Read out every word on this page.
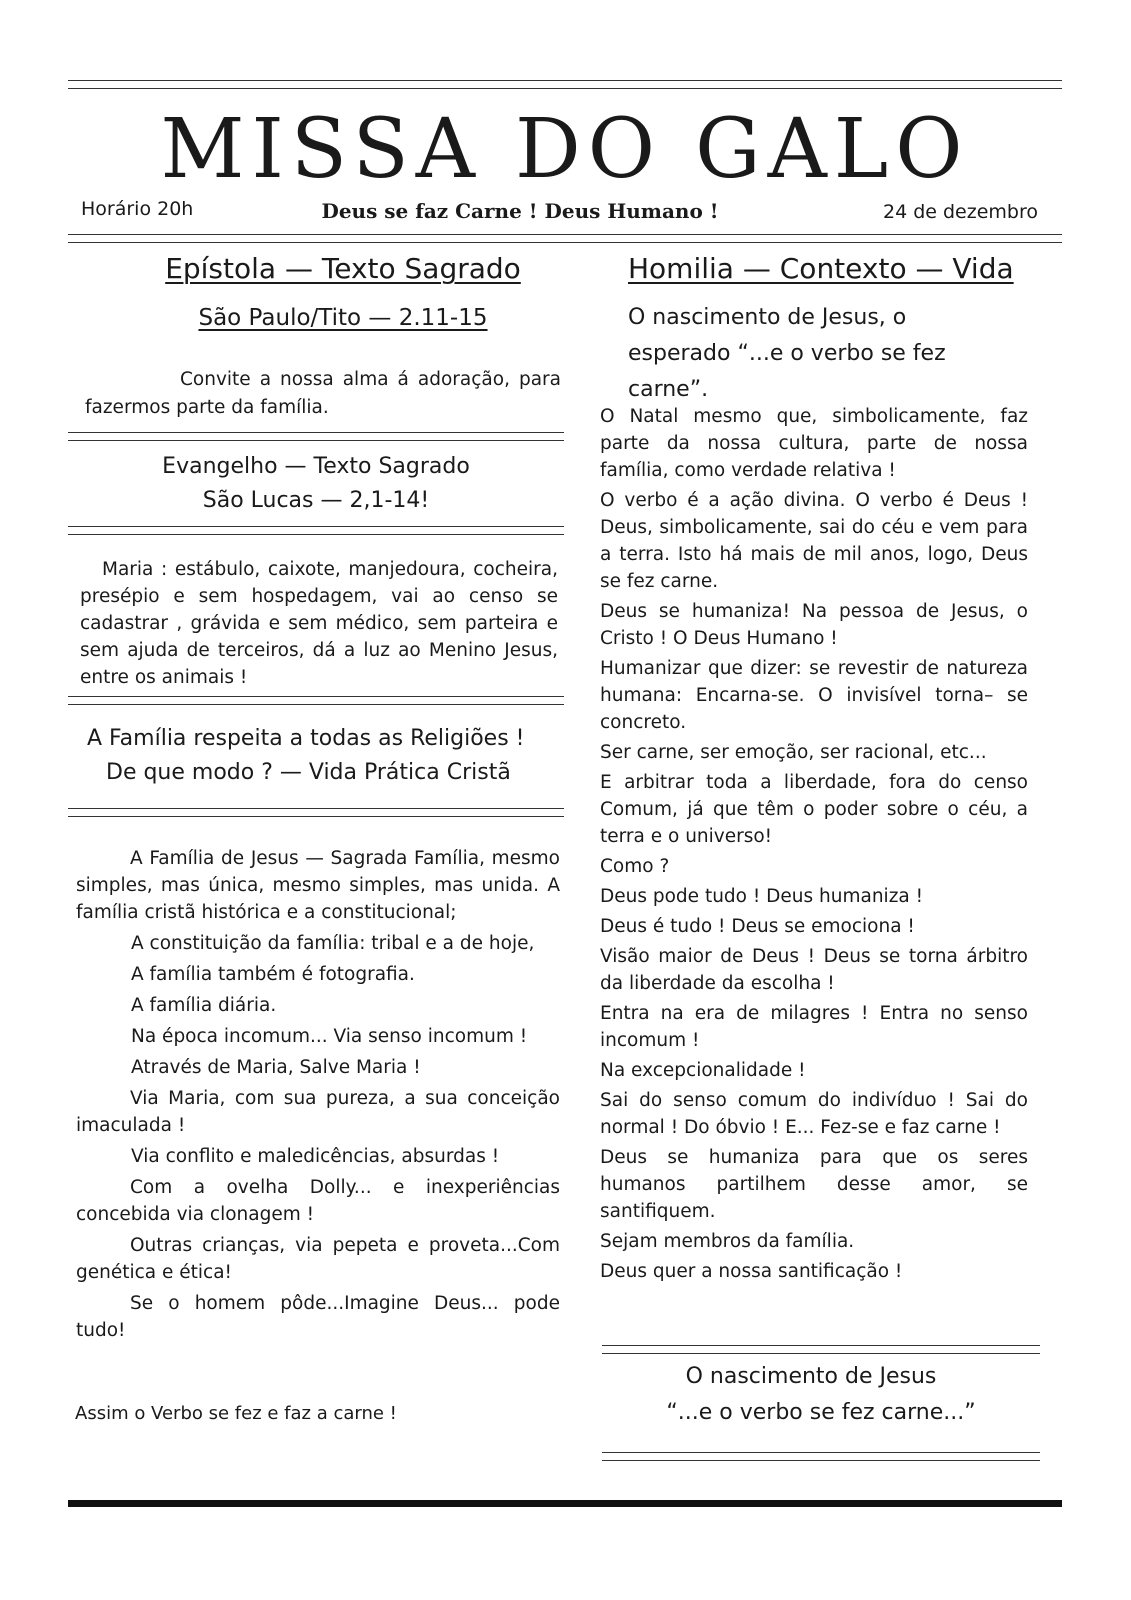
MISSA DO GALO
Horário 20h	Deus se faz Carne ! Deus Humano !	24 de dezembro
Epístola — Texto Sagrado
São Paulo/Tito — 2.11-15
Convite a nossa alma á adoração, para fazermos parte da família.
Evangelho — Texto Sagrado
São Lucas — 2,1-14!
Maria : estábulo, caixote, manjedoura, cocheira, presépio e sem hospedagem, vai ao censo se cadastrar , grávida e sem médico, sem parteira e sem ajuda de terceiros, dá a luz ao Menino Jesus, entre os animais !
A Família respeita a todas as Religiões !
De que modo ? — Vida Prática Cristã

A Família de Jesus — Sagrada Família, mesmo simples, mas única, mesmo simples, mas unida. A família cristã histórica e a constitucional;

A constituição da família: tribal e a de hoje,

A família também é fotografia.

A família diária.

Na época incomum... Via senso incomum !

Através de Maria, Salve Maria !

Via Maria, com sua pureza, a sua conceição imaculada !

Via conflito e maledicências, absurdas !

Com a ovelha Dolly... e inexperiências concebida via clonagem !

Outras crianças, via pepeta e proveta...Com genética e ética!

Se o homem pôde...Imagine Deus... pode tudo!

Assim o Verbo se fez e faz a carne !
Homilia — Contexto — Vida
O nascimento de Jesus, o esperado “...e o verbo se fez carne”.

O Natal mesmo que, simbolicamente, faz parte da nossa cultura, parte de nossa família, como verdade relativa !

O verbo é a ação divina. O verbo é Deus ! Deus, simbolicamente, sai do céu e vem para a terra. Isto há mais de mil anos, logo, Deus se fez carne.

Deus se humaniza! Na pessoa de Jesus, o Cristo ! O Deus Humano !

Humanizar que dizer: se revestir de natureza humana: Encarna-se. O invisível torna– se concreto.

Ser carne, ser emoção, ser racional, etc...

E arbitrar toda a liberdade, fora do censo Comum, já que têm o poder sobre o céu, a terra e o universo!

Como ?

Deus pode tudo ! Deus humaniza !

Deus é tudo ! Deus se emociona !

Visão maior de Deus ! Deus se torna árbitro da liberdade da escolha !

Entra na era de milagres ! Entra no senso incomum !

Na excepcionalidade !

Sai do senso comum do indivíduo ! Sai do normal ! Do óbvio ! E... Fez-se e faz carne !

Deus se humaniza para que os seres humanos partilhem desse amor, se santifiquem.

Sejam membros da família.

Deus quer a nossa santificação !

O nascimento de Jesus
“...e o verbo se fez carne...”
